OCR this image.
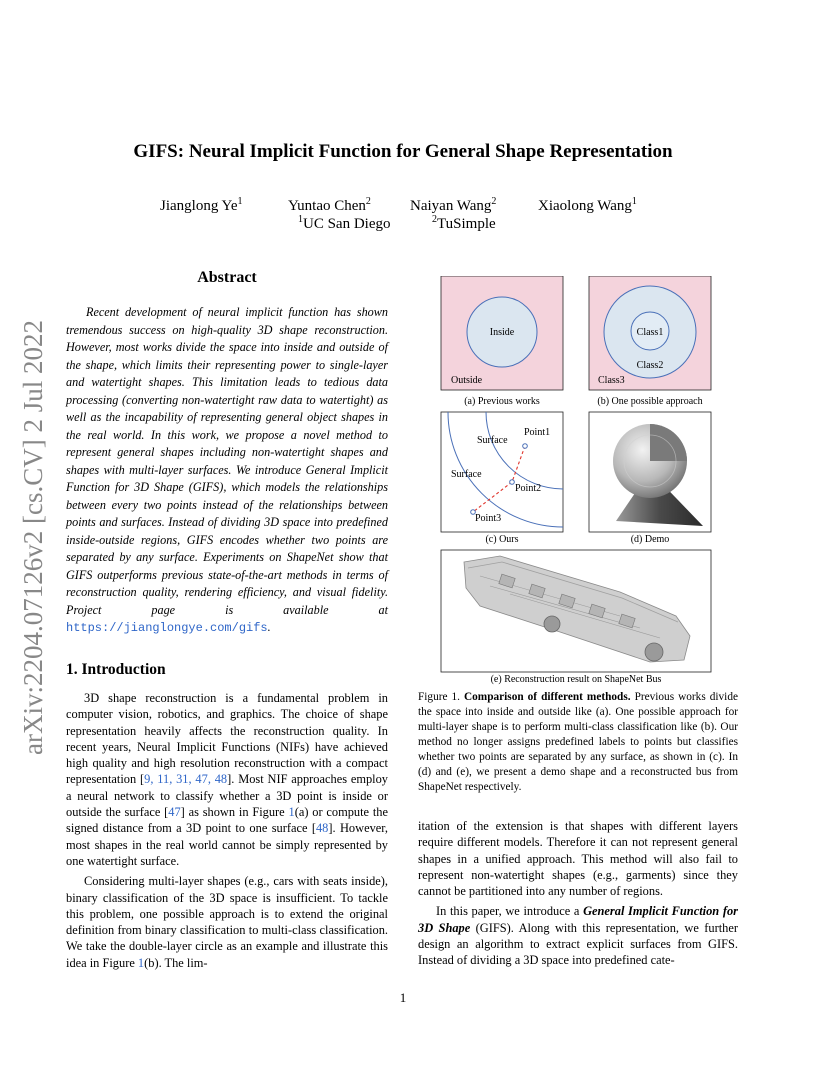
arXiv:2204.07126v2 [cs.CV] 2 Jul 2022
GIFS: Neural Implicit Function for General Shape Representation
Jianglong Ye$^1$	Yuntao Chen$^2$	Naiyan Wang$^2$	Xiaolong Wang$^1$
$^1$UC San Diego	$^2$TuSimple
Abstract
Recent development of neural implicit function has shown tremendous success on high-quality 3D shape reconstruction. However, most works divide the space into inside and outside of the shape, which limits their representing power to single-layer and watertight shapes. This limitation leads to tedious data processing (converting non-watertight raw data to watertight) as well as the incapability of representing general object shapes in the real world. In this work, we propose a novel method to represent general shapes including non-watertight shapes and shapes with multi-layer surfaces. We introduce General Implicit Function for 3D Shape (GIFS), which models the relationships between every two points instead of the relationships between points and surfaces. Instead of dividing 3D space into predefined inside-outside regions, GIFS encodes whether two points are separated by any surface. Experiments on ShapeNet show that GIFS outperforms previous state-of-the-art methods in terms of reconstruction quality, rendering efficiency, and visual fidelity. Project page is available at https://jianglongye.com/gifs.
1. Introduction

3D shape reconstruction is a fundamental problem in computer vision, robotics, and graphics. The choice of shape representation heavily affects the reconstruction quality. In recent years, Neural Implicit Functions (NIFs) have achieved high quality and high resolution reconstruction with a compact representation [9, 11, 31, 47, 48]. Most NIF approaches employ a neural network to classify whether a 3D point is inside or outside the surface [47] as shown in Figure 1(a) or compute the signed distance from a 3D point to one surface [48]. However, most shapes in the real world cannot be simply represented by one watertight surface.

Considering multi-layer shapes (e.g., cars with seats inside), binary classification of the 3D space is insufficient. To tackle this problem, one possible approach is to extend the original definition from binary classification to multi-class classification. We take the double-layer circle as an example and illustrate this idea in Figure 1(b). The lim-

Inside
Outside
(a) Previous works
Class1
Class2
Class3
(b) One possible approach
Surface
Surface
Point1
Point2
Point3
(c) Ours	(d) Demo
(e) Reconstruction result on ShapeNet Bus
Figure 1. Comparison of different methods. Previous works divide the space into inside and outside like (a). One possible approach for multi-layer shape is to perform multi-class classification like (b). Our method no longer assigns predefined labels to points but classifies whether two points are separated by any surface, as shown in (c). In (d) and (e), we present a demo shape and a reconstructed bus from ShapeNet respectively.

itation of the extension is that shapes with different layers require different models. Therefore it can not represent general shapes in a unified approach. This method will also fail to represent non-watertight shapes (e.g., garments) since they cannot be partitioned into any number of regions.

In this paper, we introduce a General Implicit Function for 3D Shape (GIFS). Along with this representation, we further design an algorithm to extract explicit surfaces from GIFS. Instead of dividing a 3D space into predefined cate-

1
